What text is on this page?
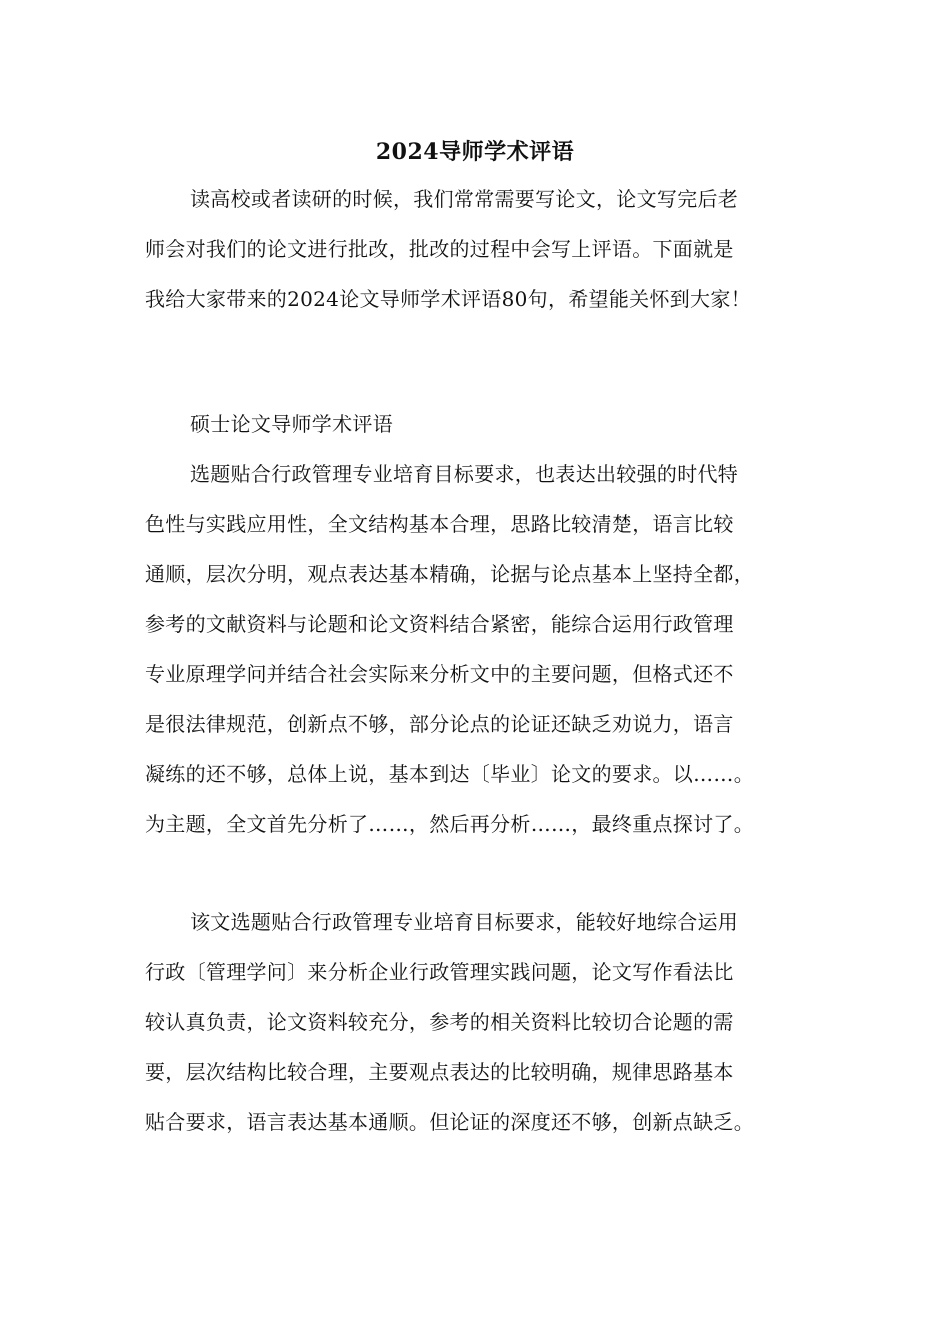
2024导师学术评语
读高校或者读研的时候，我们常常需要写论文，论文写完后老
师会对我们的论文进行批改，批改的过程中会写上评语。下面就是
我给大家带来的2024论文导师学术评语80句，希望能关怀到大家！
硕士论文导师学术评语
选题贴合行政管理专业培育目标要求，也表达出较强的时代特
色性与实践应用性，全文结构基本合理，思路比较清楚，语言比较
通顺，层次分明，观点表达基本精确，论据与论点基本上坚持全都，
参考的文献资料与论题和论文资料结合紧密，能综合运用行政管理
专业原理学问并结合社会实际来分析文中的主要问题，但格式还不
是很法律规范，创新点不够，部分论点的论证还缺乏劝说力，语言
凝练的还不够，总体上说，基本到达〔毕业〕论文的要求。以……。
为主题，全文首先分析了……，然后再分析……，最终重点探讨了。
该文选题贴合行政管理专业培育目标要求，能较好地综合运用
行政〔管理学问〕来分析企业行政管理实践问题，论文写作看法比
较认真负责，论文资料较充分，参考的相关资料比较切合论题的需
要，层次结构比较合理，主要观点表达的比较明确，规律思路基本
贴合要求，语言表达基本通顺。但论证的深度还不够，创新点缺乏。
